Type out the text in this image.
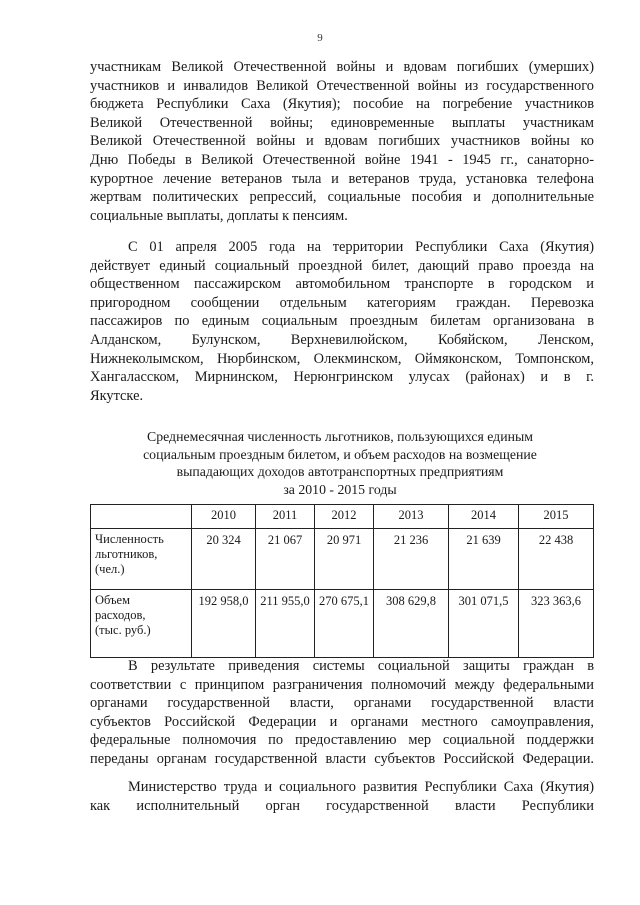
9
участникам Великой Отечественной войны и вдовам погибших (умерших)
участников и инвалидов Великой Отечественной войны из государственного
бюджета Республики Саха (Якутия); пособие на погребение участников
Великой Отечественной войны; единовременные выплаты участникам
Великой Отечественной войны и вдовам погибших участников войны ко
Дню Победы в Великой Отечественной войне 1941 - 1945 гг., санаторно-
курортное лечение ветеранов тыла и ветеранов труда, установка телефона
жертвам политических репрессий, социальные пособия и дополнительные
социальные выплаты, доплаты к пенсиям.
С 01 апреля 2005 года на территории Республики Саха (Якутия)
действует единый социальный проездной билет, дающий право проезда на
общественном пассажирском автомобильном транспорте в городском и
пригородном сообщении отдельным категориям граждан. Перевозка
пассажиров по единым социальным проездным билетам организована в
Алданском, Булунском, Верхневилюйском, Кобяйском, Ленском,
Нижнеколымском, Нюрбинском, Олекминском, Оймяконском, Томпонском,
Хангаласском, Мирнинском, Нерюнгринском улусах (районах) и в г.
Якутске.
Среднемесячная численность льготников, пользующихся единым
социальным проездным билетом, и объем расходов на возмещение
выпадающих доходов автотранспортных предприятиям
за 2010 - 2015 годы
	2010	2011	2012	2013	2014	2015

Численность
льготников,
(чел.)	20 324	21 067	20 971	21 236	21 639	22 438

Объем
расходов,
(тыс. руб.)	192 958,0	211 955,0	270 675,1	308 629,8	301 071,5	323 363,6
В результате приведения системы социальной защиты граждан в
соответствии с принципом разграничения полномочий между федеральными
органами государственной власти, органами государственной власти
субъектов Российской Федерации и органами местного самоуправления,
федеральные полномочия по предоставлению мер социальной поддержки
переданы органам государственной власти субъектов Российской Федерации.
Министерство труда и социального развития Республики Саха (Якутия)
как исполнительный орган государственной власти Республики
